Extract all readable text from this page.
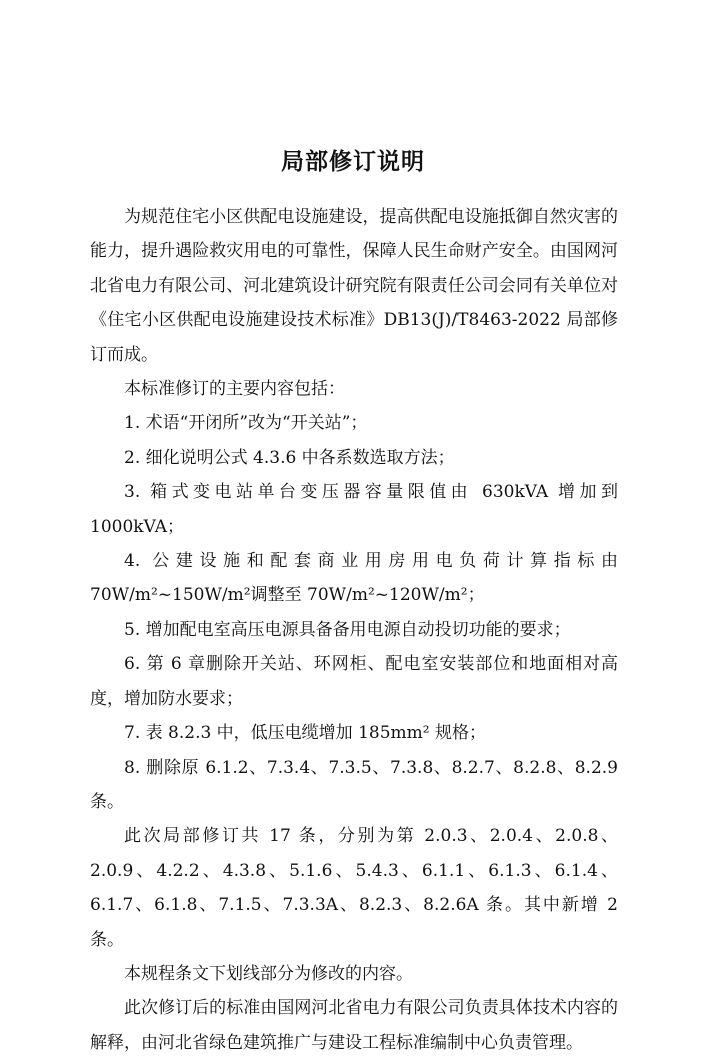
局部修订说明

为规范住宅小区供配电设施建设，提高供配电设施抵御自然灾害的能力，提升遇险救灾用电的可靠性，保障人民生命财产安全。由国网河北省电力有限公司、河北建筑设计研究院有限责任公司会同有关单位对《住宅小区供配电设施建设技术标准》DB13(J)/T8463-2022 局部修订而成。

本标准修订的主要内容包括：

1. 术语“开闭所”改为“开关站”；

2. 细化说明公式 4.3.6 中各系数选取方法；

3. 箱式变电站单台变压器容量限值由 630kVA 增加到1000kVA；

4. 公建设施和配套商业用房用电负荷计算指标由 70W/m²~150W/m²调整至 70W/m²~120W/m²；

5. 增加配电室高压电源具备备用电源自动投切功能的要求；

6. 第 6 章删除开关站、环网柜、配电室安装部位和地面相对高度，增加防水要求；

7. 表 8.2.3 中，低压电缆增加 185mm² 规格；

8. 删除原 6.1.2、7.3.4、7.3.5、7.3.8、8.2.7、8.2.8、8.2.9 条。

此次局部修订共 17 条，分别为第 2.0.3、2.0.4、2.0.8、2.0.9、4.2.2、4.3.8、5.1.6、5.4.3、6.1.1、6.1.3、6.1.4、6.1.7、6.1.8、7.1.5、7.3.3A、8.2.3、8.2.6A 条。其中新增 2 条。

本规程条文下划线部分为修改的内容。

此次修订后的标准由国网河北省电力有限公司负责具体技术内容的解释，由河北省绿色建筑推广与建设工程标准编制中心负责管理。
